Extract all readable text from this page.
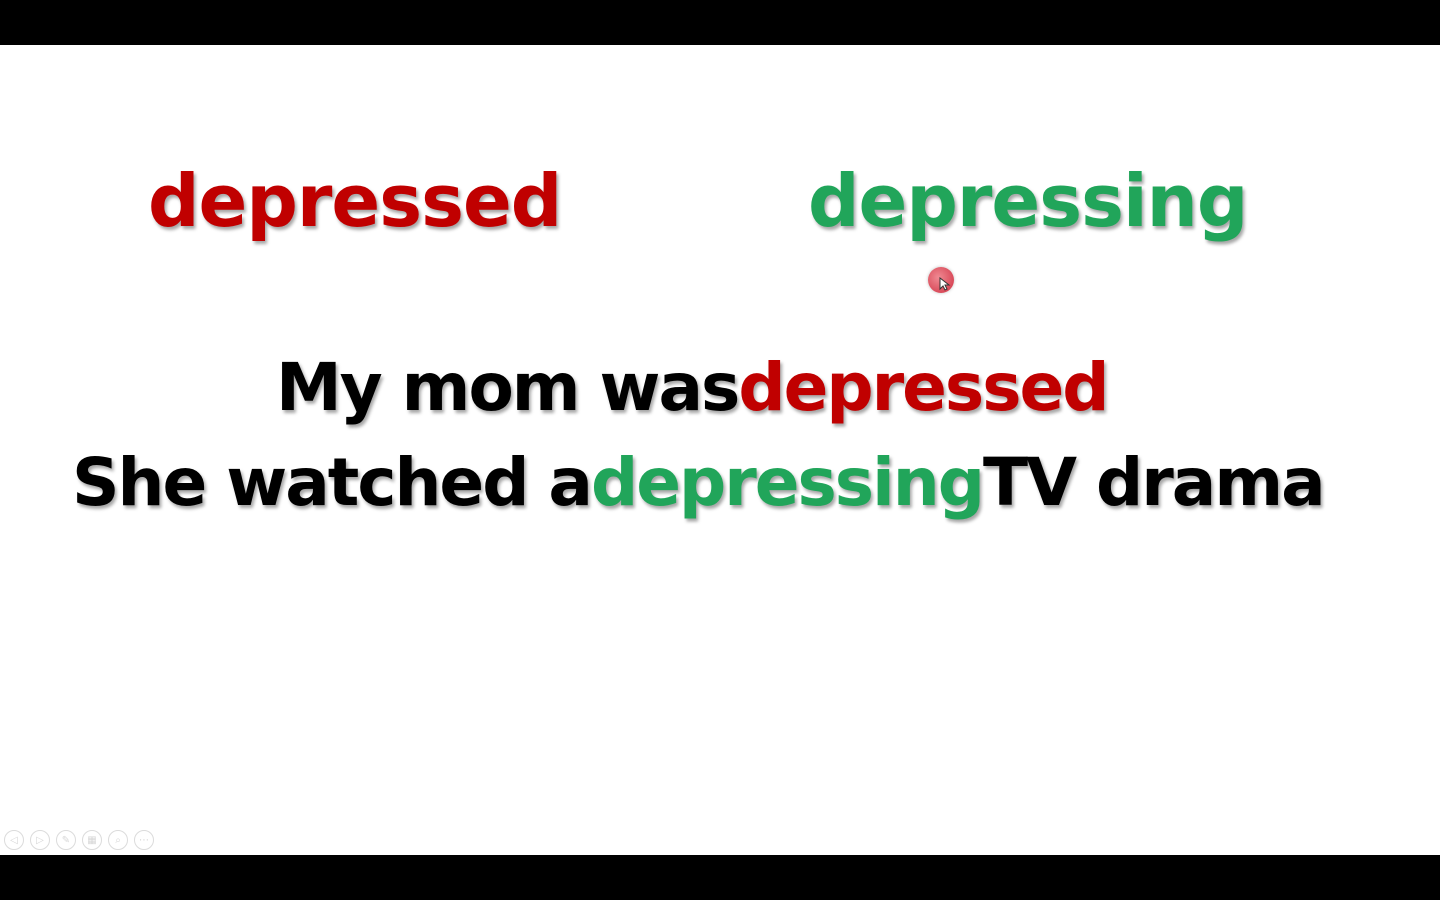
depressed	depressing
My mom wasdepressed
She watched adepressingTV drama
◁	▷	✎	▦	⌕	⋯
